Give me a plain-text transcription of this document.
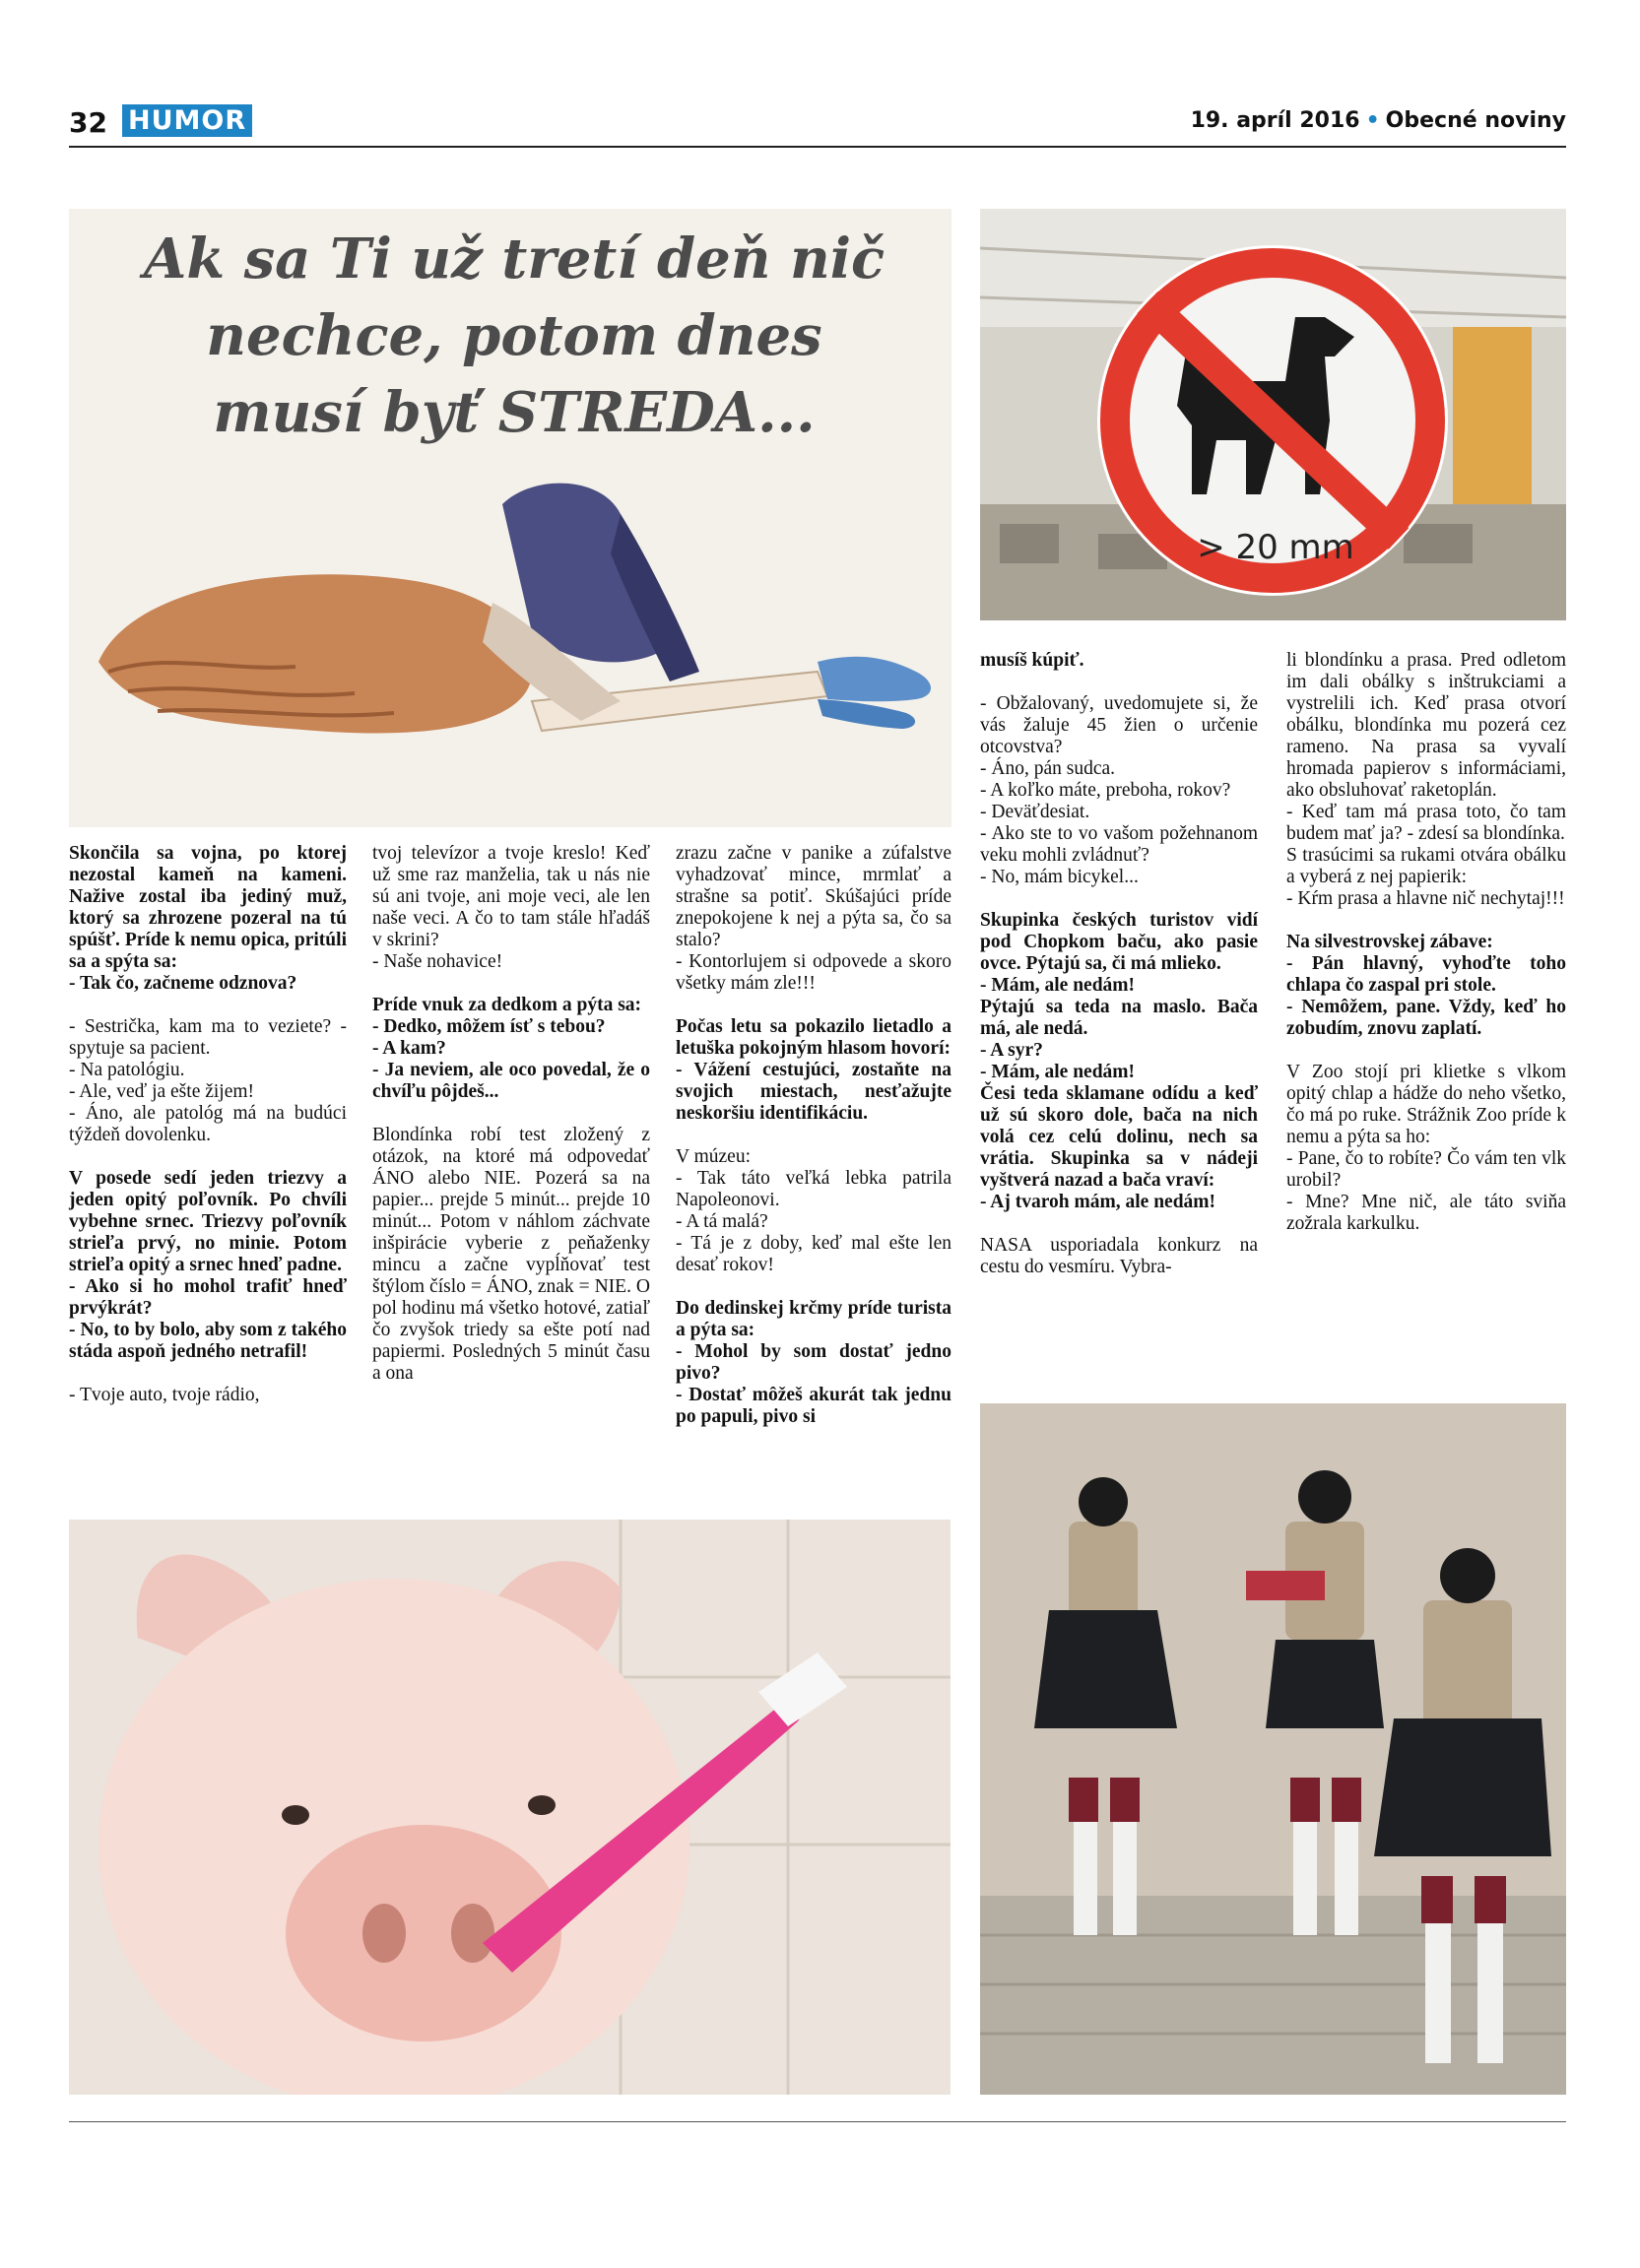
32 HUMOR	19. apríl 2016 • Obecné noviny
Ak sa Ti už tretí deň nič
nechce, potom dnes
musí byť STREDA...
> 20 mm

Skončila sa vojna, po ktorej nezostal kameň na kameni. Nažive zostal iba jediný muž, ktorý sa zhrozene pozeral na tú spúšť. Príde k nemu opica, pritúli sa a spýta sa:
- Tak čo, začneme odznova?

- Sestrička, kam ma to veziete? - spytuje sa pacient.
- Na patológiu.
- Ale, veď ja ešte žijem!
- Áno, ale patológ má na budúci týždeň dovolenku.

V posede sedí jeden triezvy a jeden opitý poľovník. Po chvíli vybehne srnec. Triezvy poľovník strieľa prvý, no minie. Potom strieľa opitý a srnec hneď padne.
- Ako si ho mohol trafiť hneď prvýkrát?
- No, to by bolo, aby som z takého stáda aspoň jedného netrafil!

- Tvoje auto, tvoje rádio,

tvoj televízor a tvoje kreslo! Keď už sme raz manželia, tak u nás nie sú ani tvoje, ani moje veci, ale len naše veci. A čo to tam stále hľadáš v skrini?
- Naše nohavice!

Príde vnuk za dedkom a pýta sa:
- Dedko, môžem ísť s tebou?
- A kam?
- Ja neviem, ale oco povedal, že o chvíľu pôjdeš...

Blondínka robí test zložený z otázok, na ktoré má odpovedať ÁNO alebo NIE. Pozerá sa na papier... prejde 5 minút... prejde 10 minút... Potom v náhlom záchvate inšpirácie vyberie z peňaženky mincu a začne vypĺňovať test štýlom číslo = ÁNO, znak = NIE. O pol hodinu má všetko hotové, zatiaľ čo zvyšok triedy sa ešte potí nad papiermi. Posledných 5 minút času a ona

zrazu začne v panike a zúfalstve vyhadzovať mince, mrmlať a strašne sa potiť. Skúšajúci príde znepokojene k nej a pýta sa, čo sa stalo?
- Kontorlujem si odpovede a skoro všetky mám zle!!!

Počas letu sa pokazilo lietadlo a letuška pokojným hlasom hovorí:
- Vážení cestujúci, zostaňte na svojich miestach, nesťažujte neskoršiu identifikáciu.

V múzeu:
- Tak táto veľká lebka patrila Napoleonovi.
- A tá malá?
- Tá je z doby, keď mal ešte len desať rokov!

Do dedinskej krčmy príde turista a pýta sa:
- Mohol by som dostať jedno pivo?
- Dostať môžeš akurát tak jednu po papuli, pivo si

musíš kúpiť.

- Obžalovaný, uvedomujete si, že vás žaluje 45 žien o určenie otcovstva?
- Áno, pán sudca.
- A koľko máte, preboha, rokov?
- Deväťdesiat.
- Ako ste to vo vašom požehnanom veku mohli zvládnuť?
- No, mám bicykel...

Skupinka českých turistov vidí pod Chopkom baču, ako pasie ovce. Pýtajú sa, či má mlieko.
- Mám, ale nedám!
Pýtajú sa teda na maslo. Bača má, ale nedá.
- A syr?
- Mám, ale nedám!
Česi teda sklamane odídu a keď už sú skoro dole, bača na nich volá cez celú dolinu, nech sa vrátia. Skupinka sa v nádeji vyštverá nazad a bača vraví:
- Aj tvaroh mám, ale nedám!

NASA usporiadala konkurz na cestu do vesmíru. Vybra-

li blondínku a prasa. Pred odletom im dali obálky s inštrukciami a vystrelili ich. Keď prasa otvorí obálku, blondínka mu pozerá cez rameno. Na prasa sa vyvalí hromada papierov s informáciami, ako obsluhovať raketoplán.
- Keď tam má prasa toto, čo tam budem mať ja? - zdesí sa blondínka.
S trasúcimi sa rukami otvára obálku a vyberá z nej papierik:
- Kŕm prasa a hlavne nič nechytaj!!!

Na silvestrovskej zábave:
- Pán hlavný, vyhoďte toho chlapa čo zaspal pri stole.
- Nemôžem, pane. Vždy, keď ho zobudím, znovu zaplatí.

V Zoo stojí pri klietke s vlkom opitý chlap a hádže do neho všetko, čo má po ruke. Strážnik Zoo príde k nemu a pýta sa ho:
- Pane, čo to robíte? Čo vám ten vlk urobil?
- Mne? Mne nič, ale táto sviňa zožrala karkulku.
